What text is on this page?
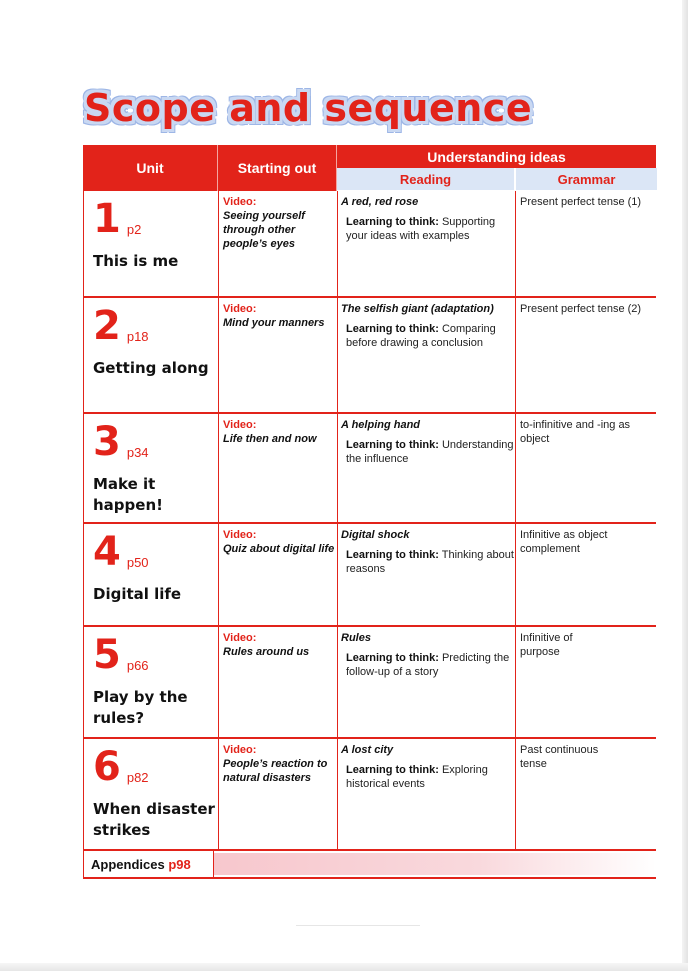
Scope and sequence
Unit	Starting out
Understanding ideas
Reading	Grammar
1 p2
This is me
Video:
Seeing yourself through other people’s eyes
A red, red rose
Learning to think: Supporting your ideas with examples
Present perfect tense (1)
2 p18
Getting along
Video:
Mind your manners
The selfish giant (adaptation)
Learning to think: Comparing before drawing a conclusion
Present perfect tense (2)
3 p34
Make it happen!
Video:
Life then and now
A helping hand
Learning to think: Understanding the influence
to-infinitive and -ing as object
4 p50
Digital life
Video:
Quiz about digital life
Digital shock
Learning to think: Thinking about reasons
Infinitive as object complement
5 p66
Play by the rules?
Video:
Rules around us
Rules
Learning to think: Predicting the follow-up of a story
Infinitive of purpose
6 p82
When disaster strikes
Video:
People’s reaction to natural disasters
A lost city
Learning to think: Exploring historical events
Past continuous tense
Appendices p98
